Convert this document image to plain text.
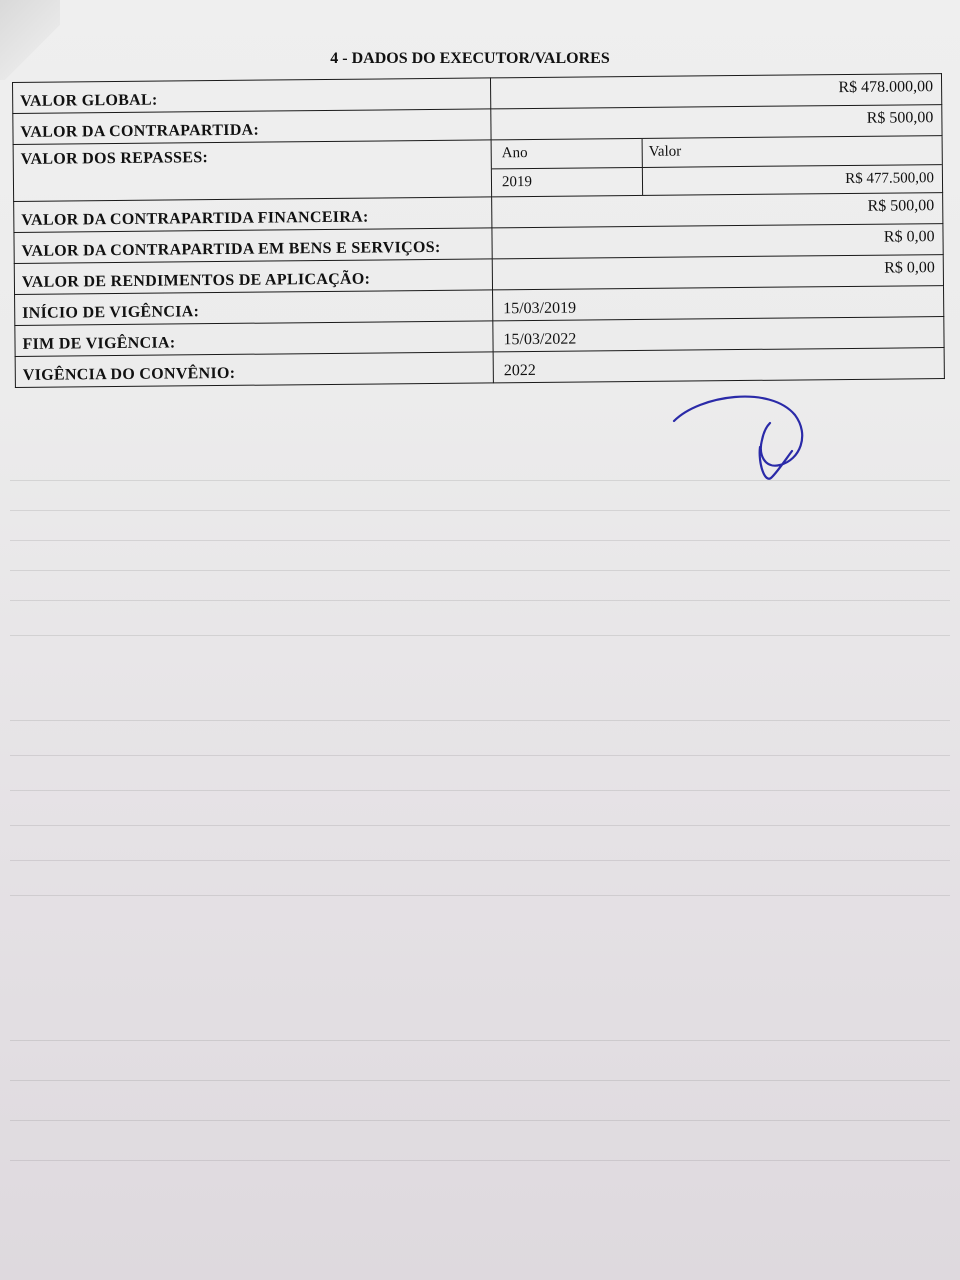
4 - DADOS DO EXECUTOR/VALORES
VALOR GLOBAL:	R$ 478.000,00
VALOR DA CONTRAPARTIDA:	R$ 500,00
VALOR DOS REPASSES:		Ano	Valor
2019	R$ 477.500,00

VALOR DA CONTRAPARTIDA FINANCEIRA:	R$ 500,00
VALOR DA CONTRAPARTIDA EM BENS E SERVIÇOS:	R$ 0,00
VALOR DE RENDIMENTOS DE APLICAÇÃO:	R$ 0,00
INÍCIO DE VIGÊNCIA:	15/03/2019
FIM DE VIGÊNCIA:	15/03/2022
VIGÊNCIA DO CONVÊNIO:	2022
